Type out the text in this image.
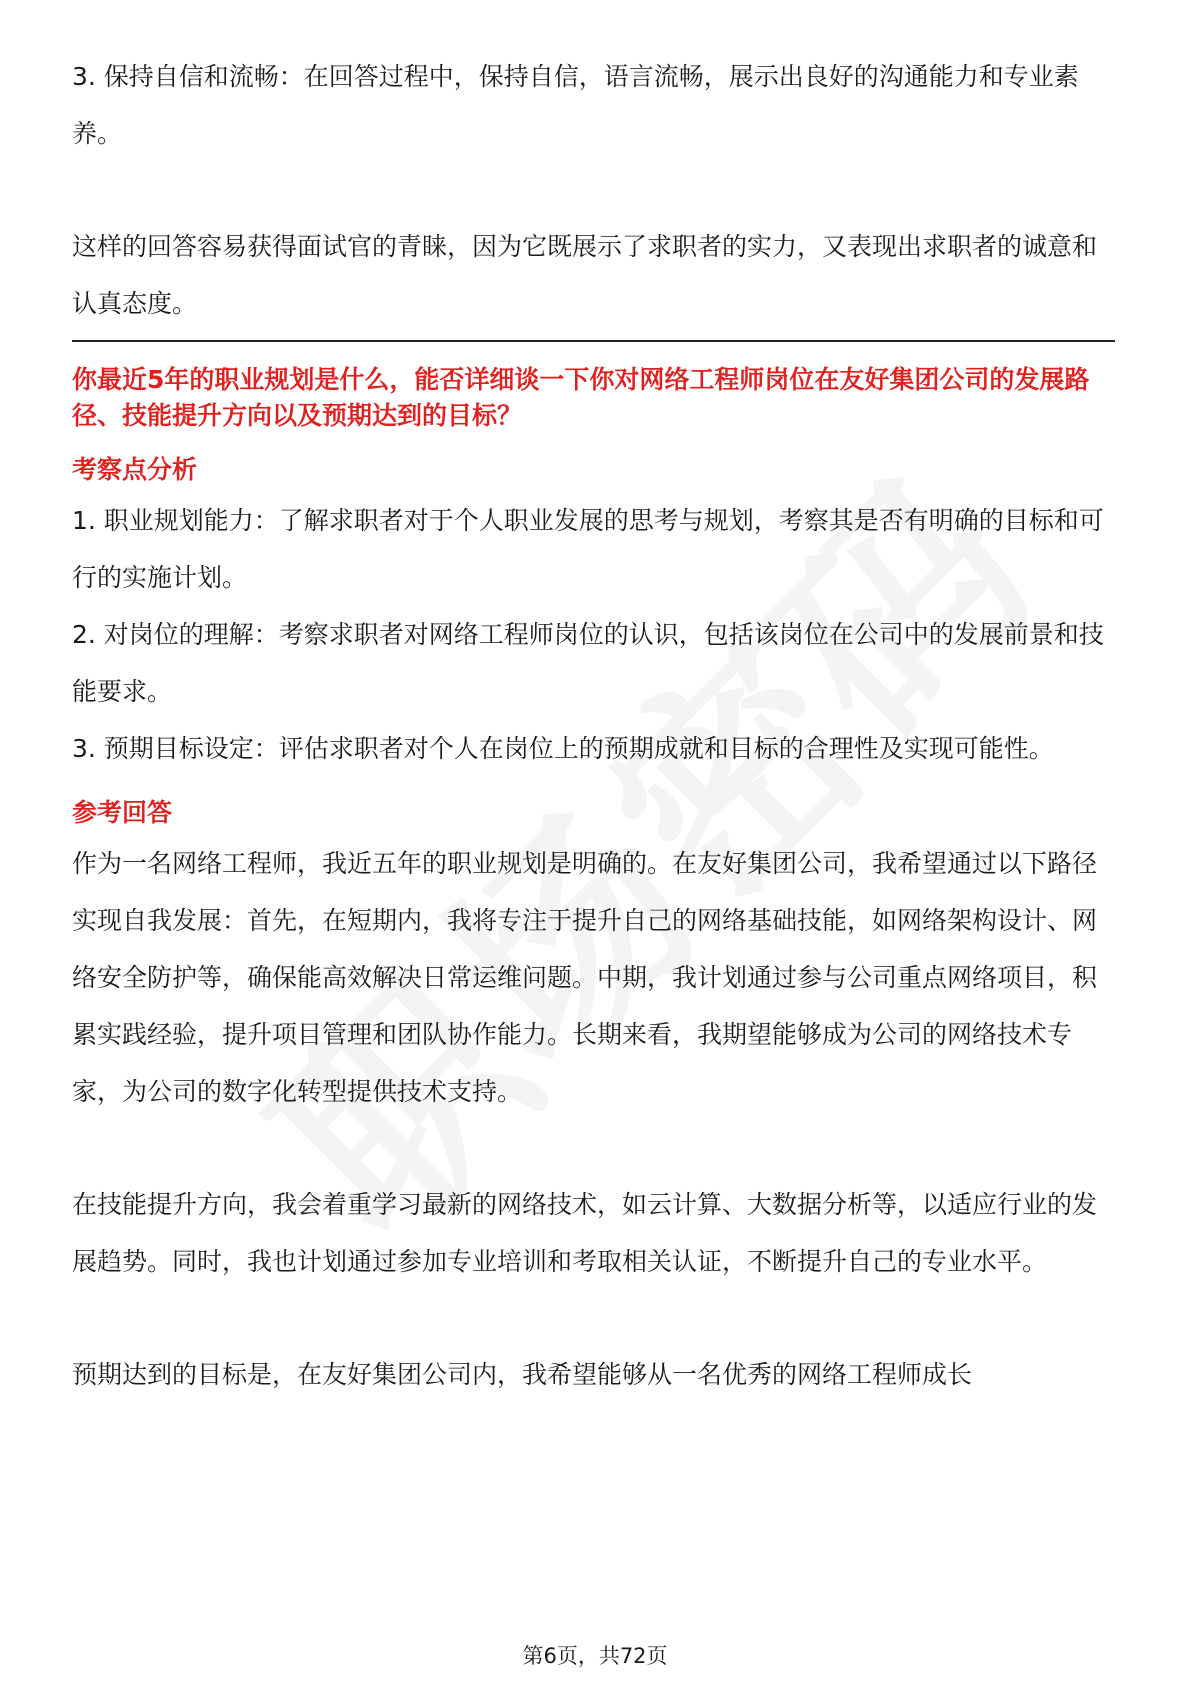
3. 保持自信和流畅：在回答过程中，保持自信，语言流畅，展示出良好的沟通能力和专业素养。

这样的回答容易获得面试官的青睐，因为它既展示了求职者的实力，又表现出求职者的诚意和认真态度。

你最近5年的职业规划是什么，能否详细谈一下你对网络工程师岗位在友好集团公司的发展路径、技能提升方向以及预期达到的目标？

考察点分析

1. 职业规划能力：了解求职者对于个人职业发展的思考与规划，考察其是否有明确的目标和可行的实施计划。

2. 对岗位的理解：考察求职者对网络工程师岗位的认识，包括该岗位在公司中的发展前景和技能要求。

3. 预期目标设定：评估求职者对个人在岗位上的预期成就和目标的合理性及实现可能性。

参考回答

作为一名网络工程师，我近五年的职业规划是明确的。在友好集团公司，我希望通过以下路径实现自我发展：首先，在短期内，我将专注于提升自己的网络基础技能，如网络架构设计、网络安全防护等，确保能高效解决日常运维问题。中期，我计划通过参与公司重点网络项目，积累实践经验，提升项目管理和团队协作能力。长期来看，我期望能够成为公司的网络技术专家，为公司的数字化转型提供技术支持。

在技能提升方向，我会着重学习最新的网络技术，如云计算、大数据分析等，以适应行业的发展趋势。同时，我也计划通过参加专业培训和考取相关认证，不断提升自己的专业水平。

预期达到的目标是，在友好集团公司内，我希望能够从一名优秀的网络工程师成长

第6页，共72页
